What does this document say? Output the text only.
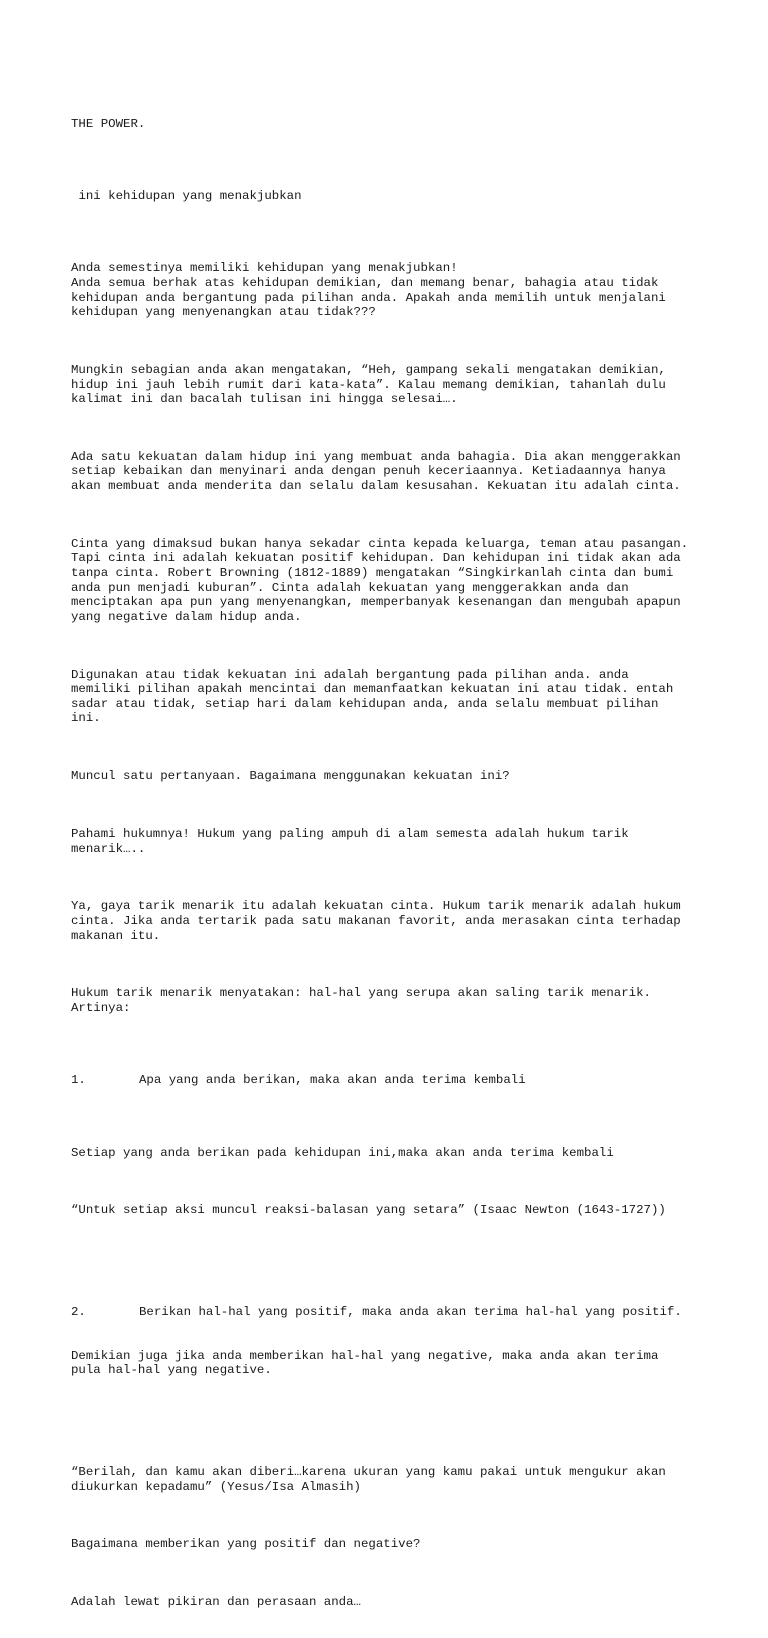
THE POWER.

ini kehidupan yang menakjubkan

Anda semestinya memiliki kehidupan yang menakjubkan!
Anda semua berhak atas kehidupan demikian, dan memang benar, bahagia atau tidak
kehidupan anda bergantung pada pilihan anda. Apakah anda memilih untuk menjalani
kehidupan yang menyenangkan atau tidak???

Mungkin sebagian anda akan mengatakan, “Heh, gampang sekali mengatakan demikian,
hidup ini jauh lebih rumit dari kata-kata”. Kalau memang demikian, tahanlah dulu
kalimat ini dan bacalah tulisan ini hingga selesai….

Ada satu kekuatan dalam hidup ini yang membuat anda bahagia. Dia akan menggerakkan
setiap kebaikan dan menyinari anda dengan penuh keceriaannya. Ketiadaannya hanya
akan membuat anda menderita dan selalu dalam kesusahan. Kekuatan itu adalah cinta.

Cinta yang dimaksud bukan hanya sekadar cinta kepada keluarga, teman atau pasangan.
Tapi cinta ini adalah kekuatan positif kehidupan. Dan kehidupan ini tidak akan ada
tanpa cinta. Robert Browning (1812-1889) mengatakan “Singkirkanlah cinta dan bumi
anda pun menjadi kuburan”. Cinta adalah kekuatan yang menggerakkan anda dan
menciptakan apa pun yang menyenangkan, memperbanyak kesenangan dan mengubah apapun
yang negative dalam hidup anda.

Digunakan atau tidak kekuatan ini adalah bergantung pada pilihan anda. anda
memiliki pilihan apakah mencintai dan memanfaatkan kekuatan ini atau tidak. entah
sadar atau tidak, setiap hari dalam kehidupan anda, anda selalu membuat pilihan
ini.

Muncul satu pertanyaan. Bagaimana menggunakan kekuatan ini?

Pahami hukumnya! Hukum yang paling ampuh di alam semesta adalah hukum tarik
menarik…..

Ya, gaya tarik menarik itu adalah kekuatan cinta. Hukum tarik menarik adalah hukum
cinta. Jika anda tertarik pada satu makanan favorit, anda merasakan cinta terhadap
makanan itu.

Hukum tarik menarik menyatakan: hal-hal yang serupa akan saling tarik menarik.
Artinya:

1.	Apa yang anda berikan, maka akan anda terima kembali

Setiap yang anda berikan pada kehidupan ini,maka akan anda terima kembali

“Untuk setiap aksi muncul reaksi-balasan yang setara” (Isaac Newton (1643-1727))

2.	Berikan hal-hal yang positif, maka anda akan terima hal-hal yang positif.

Demikian juga jika anda memberikan hal-hal yang negative, maka anda akan terima
pula hal-hal yang negative.

“Berilah, dan kamu akan diberi…karena ukuran yang kamu pakai untuk mengukur akan
diukurkan kepadamu” (Yesus/Isa Almasih)

Bagaimana memberikan yang positif dan negative?

Adalah lewat pikiran dan perasaan anda…
